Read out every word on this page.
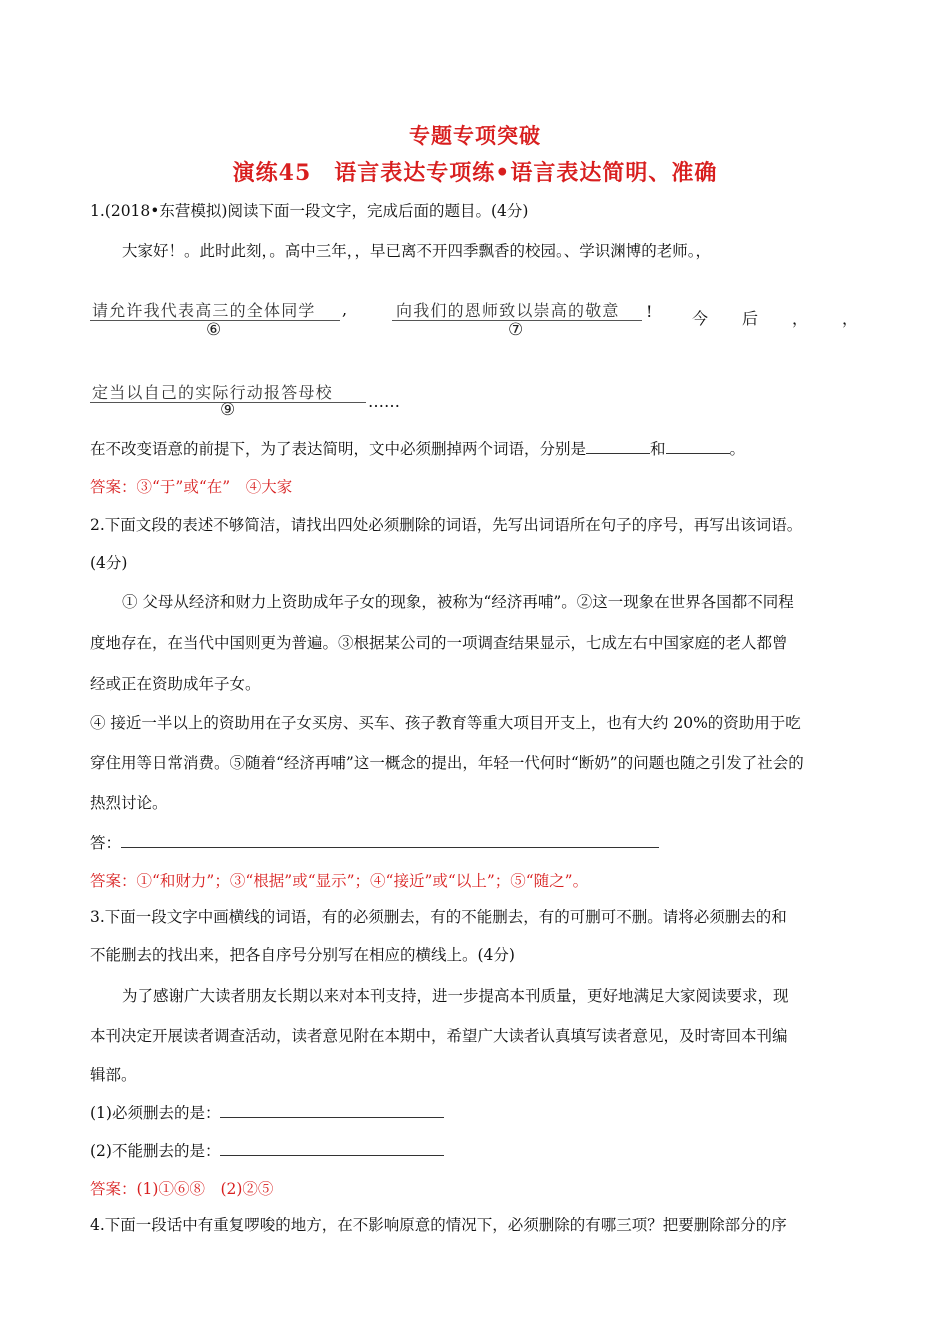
专题专项突破
演练45　语言表达专项练•语言表达简明、准确
1.(2018•东营模拟)阅读下面一段文字，完成后面的题目。(4分)
大家好！。此时此刻，。高中三年，，早已离不开四季飘香的校园。、学识渊博的老师。，
请允许我代表高三的全体同学 ,
⑥
向我们的恩师致以崇高的敬意 !
⑦
今 后 ， ，
定当以自己的实际行动报答母校 ……
⑨
在不改变语意的前提下，为了表达简明，文中必须删掉两个词语，分别是	和	。
答案：③“于”或“在”　④大家
2.下面文段的表述不够简洁，请找出四处必须删除的词语，先写出词语所在句子的序号，再写出该词语。
(4分)
① 父母从经济和财力上资助成年子女的现象，被称为“经济再哺”。②这一现象在世界各国都不同程
度地存在，在当代中国则更为普遍。③根据某公司的一项调查结果显示，七成左右中国家庭的老人都曾
经或正在资助成年子女。
④ 接近一半以上的资助用在子女买房、买车、孩子教育等重大项目开支上，也有大约 20%的资助用于吃
穿住用等日常消费。⑤随着“经济再哺”这一概念的提出，年轻一代何时“断奶”的问题也随之引发了社会的
热烈讨论。
答：
答案：①“和财力”；③“根据”或“显示”；④“接近”或“以上”；⑤“随之”。
3.下面一段文字中画横线的词语，有的必须删去，有的不能删去，有的可删可不删。请将必须删去的和
不能删去的找出来，把各自序号分别写在相应的横线上。(4分)
为了感谢广大读者朋友长期以来对本刊支持，进一步提高本刊质量，更好地满足大家阅读要求，现
本刊决定开展读者调查活动，读者意见附在本期中，希望广大读者认真填写读者意见，及时寄回本刊编
辑部。
(1)必须删去的是：
(2)不能删去的是：
答案：(1)①⑥⑧　(2)②⑤
4.下面一段话中有重复啰唆的地方，在不影响原意的情况下，必须删除的有哪三项？把要删除部分的序
